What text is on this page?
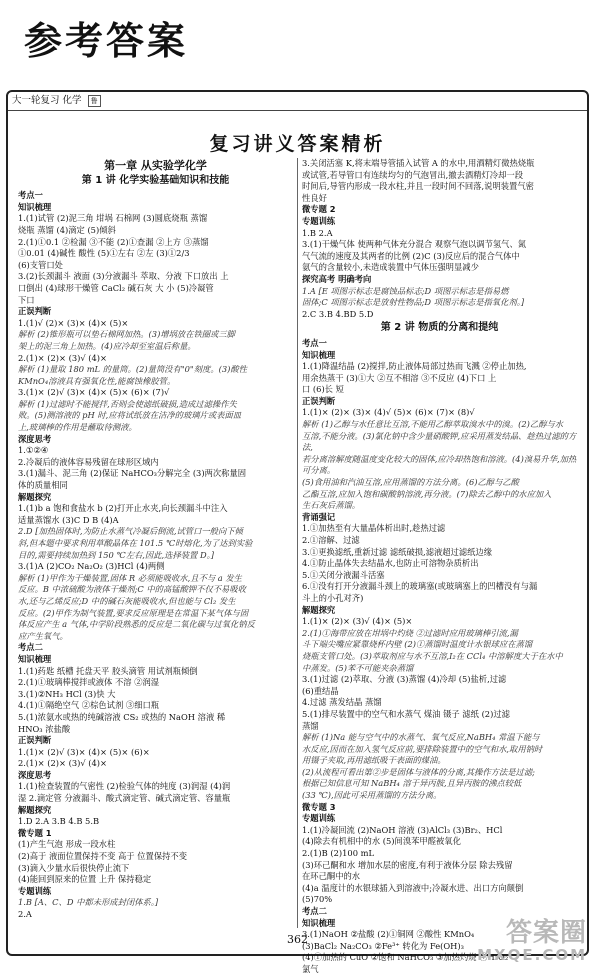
参考答案
大一轮复习 化学 鲁
复习讲义答案精析
第一章 从实验学化学
第 1 讲 化学实验基础知识和技能
考点一
知识梳理
1.(1)试管 (2)泥三角 坩埚 石棉网 (3)圆底烧瓶 蒸馏
烧瓶 蒸馏 (4)滴定 (5)倾斜
2.(1)①0.1 ②检漏 ③不能 (2)①查漏 ②上方 ③蒸馏
①0.01 (4)碱性 酸性 (5)①左右 ②左 (3)①2/3
(6)支管口处
3.(2)长颈漏斗 液面 (3)分液漏斗 萃取、分液 下口放出 上
口倒出 (4)球形干燥管 CaCl₂ 碱石灰 大 小 (5)冷凝管
下口
正误判断
1.(1)√ (2)× (3)× (4)× (5)×
解析 (2)锥形瓶可以垫石棉网加热。(3)增埚放在铁圈或三脚
架上的泥三角上加热。(4)应冷却至室温后称量。
2.(1)× (2)× (3)√ (4)×
解析 (1)量取 180 mL 的量筒。(2)量筒没有"0"刻度。(3)酸性
KMnO₄溶液具有强氧化性,能腐蚀橡胶管。
3.(1)× (2)√ (3)× (4)× (5)× (6)× (7)√
解析 (1)过滤时不能搅拌,否则会使滤纸破损,造成过滤操作失
败。(5)测溶液的 pH 时,应将试纸放在洁净的玻璃片或表面皿
上,玻璃棒的作用是蘸取待测液。
深度思考
1.①②④
2.冷凝后的液体容易残留在球形区域内
3.(1)漏斗、泥三角 (2)保证 NaHCO₃分解完全 (3)两次称量固
体的质量相同
解题探究
1.(1)b a 饱和食盐水 b (2)打开止水夹,向长颈漏斗中注入
适量蒸馏水 (3)C D B (4)A
2.D [加热固体时,为防止水蒸气冷凝后倒流,试管口一般向下倾
斜,但本题中要求利用草酸晶体在 101.5 ℃时熔化,为了达到实验
目的,需要持续加热到 150 ℃左右,因此,选择装置 D。]
3.(1)A (2)CO₂ Na₂O₂ (3)HCl (4)两侧
解析 (1)甲作为干燥装置,固体 R 必须能吸收水,且不与 a 发生
反应。B 中浓硫酸为液体干燥剂;C 中的高锰酸钾不仅不易吸收
水,还与乙烯反应;D 中的碱石灰能吸收水,但也能与 Cl₂ 发生
反应。(2)甲作为制气装置,要求反应原理是在常温下某气体与固
体反应产生 a 气体,中学阶段熟悉的反应是二氧化碳与过氧化钠反
应产生氧气。
考点二
知识梳理
1.(1)药匙 纸槽 托盘天平 胶头滴管 用试剂瓶倾倒
2.(1)①玻璃棒搅拌或液体 不溶 ②润湿
3.(1)②NH₃ HCl (3)快 大
4.(1)①隔绝空气 ②棕色试剂 ③细口瓶
5.(1)浓氨水或热的纯碱溶液 CS₂ 或热的 NaOH 溶液 稀
HNO₃ 浓盐酸
正误判断
1.(1)× (2)√ (3)× (4)× (5)× (6)×
2.(1)× (2)× (3)√ (4)×
深度思考
1.(1)检查装置的气密性 (2)检验气体的纯度 (3)润湿 (4)润
湿 2.滴定管 分液漏斗、酸式滴定管、碱式滴定管、容量瓶
解题探究
1.D 2.A 3.B 4.B 5.B
微专题 1
(1)产生气泡 形成一段水柱
(2)高于 液面位置保持不变 高于 位置保持不变
(3)滴入少量水后很快停止流下
(4)能回到原来的位置 上升 保持稳定
专题训练
1.B [A、C、D 中都未形成封闭体系。]
2.A
3.关闭活塞 K,将末端导管插入试管 A 的水中,用酒精灯微热烧瓶
或试管,若导管口有连续均匀的气泡冒出,撤去酒精灯冷却一段
时间后,导管内形成一段水柱,并且一段时间不回落,说明装置气密
性良好
微专题 2
专题训练
1.B 2.A
3.(1)干燥气体 使两种气体充分混合 观察气泡以调节氢气、氮
气气流的速度及其两者的比例 (2)C (3)反应后的混合气体中
氨气的含量较小,未造成装置中气体压强明显减少
探究高考 明确考向
1.A [E 项图示标志是腐蚀品标志;D 项图示标志是指易燃
固体;C 项图示标志是放射性物品;D 项图示标志是指氧化剂。]
2.C 3.B 4.BD 5.D
第 2 讲 物质的分离和提纯
考点一
知识梳理
1.(1)降温结晶 (2)搅拌,防止液体局部过热而飞溅 ②停止加热,
用余热蒸干 (3)①大 ②互不相溶 ③不反应 (4)下口 上
口 (6)长 短
正误判断
1.(1)× (2)× (3)× (4)√ (5)× (6)× (7)× (8)√
解析 (1)乙醇与水任意比互溶,不能用乙醇萃取溴水中的溴。(2)乙醇与水
互溶,不能分液。(3)氯化钠中含少量硝酸钾,应采用蒸发结晶、趁热过滤的方法,
若分离溶解度随温度变化较大的固体,应冷却热饱和溶液。(4)溴易升华,加热可分离。
(5)食用油和汽油互溶,应用蒸馏的方法分离。(6)乙醇与乙酸
乙酯互溶,应加入饱和碳酸钠溶液,再分液。(7)除去乙醇中的水应加入
生石灰后蒸馏。
背诵强记
1.①加热至有大量晶体析出时,趁热过滤
2.①溶解、过滤
3.①更换滤纸,重新过滤 滤纸破损,滤液超过滤纸边缘
4.①防止晶体失去结晶水,也防止可溶物杂质析出
5.①关闭分液漏斗活塞
6.①没有打开分液漏斗颈上的玻璃塞(或玻璃塞上的凹槽没有与漏
斗上的小孔对齐)
解题探究
1.(1)× (2)× (3)√ (4)× (5)×
2.(1)①海带应放在坩埚中灼烧 ②过滤时应用玻璃棒引流,漏
斗下端尖嘴应紧靠烧杯内壁 (2)①蒸馏时温度计水银球应在蒸馏
烧瓶支管口处。(3)萃取剂应与水不互溶,I₂在 CCl₄ 中溶解度大于在水中
中蒸发。(5)苯不可能夹杂蒸馏
3.(1)过滤 (2)萃取、分液 (3)蒸馏 (4)冷却 (5)盐析,过滤
(6)重结晶
4.过滤 蒸发结晶 蒸馏
5.(1)排尽装置中的空气和水蒸气 煤油 镊子 滤纸 (2)过滤
蒸馏
解析 (1)Na 能与空气中的水蒸气、氧气反应,NaBH₄ 常温下能与
水反应,因而在加入氢气反应前,要排除装置中的空气和水,取用钠时
用镊子夹取,再用滤纸吸干表面的煤油。
(2)从流程可看出第②步是固体与液体的分离,其操作方法是过滤;
根据已知信息可知 NaBH₄ 溶于异丙胺,且异丙胺的沸点较低
(33 ℃),因此可采用蒸馏的方法分离。
微专题 3
专题训练
1.(1)冷凝回流 (2)NaOH 溶液 (3)AlCl₃ (3)Br₂、HCl
(4)除去有机相中的水 (5)间溴苯甲醛被氧化
2.(1)B (2)100 mL
(3)环己酮和水 增加水层的密度,有利于液体分层 除去残留
在环己酮中的水
(4)a 温度计的水银球插入到溶液中;冷凝水进、出口方向颠倒
(5)70%
考点二
知识梳理
3.(1)NaOH ②盐酸 (2)①铜网 ②酸性 KMnO₄
(3)BaCl₂ Na₂CO₃ ②Fe³⁺ 转化为 Fe(OH)₃
(4)①加热的 CuO ②饱和 NaHCO₃ ③加热灼烧 ④H₂O₂
氯气
362	答案圈
MXQE.COM
